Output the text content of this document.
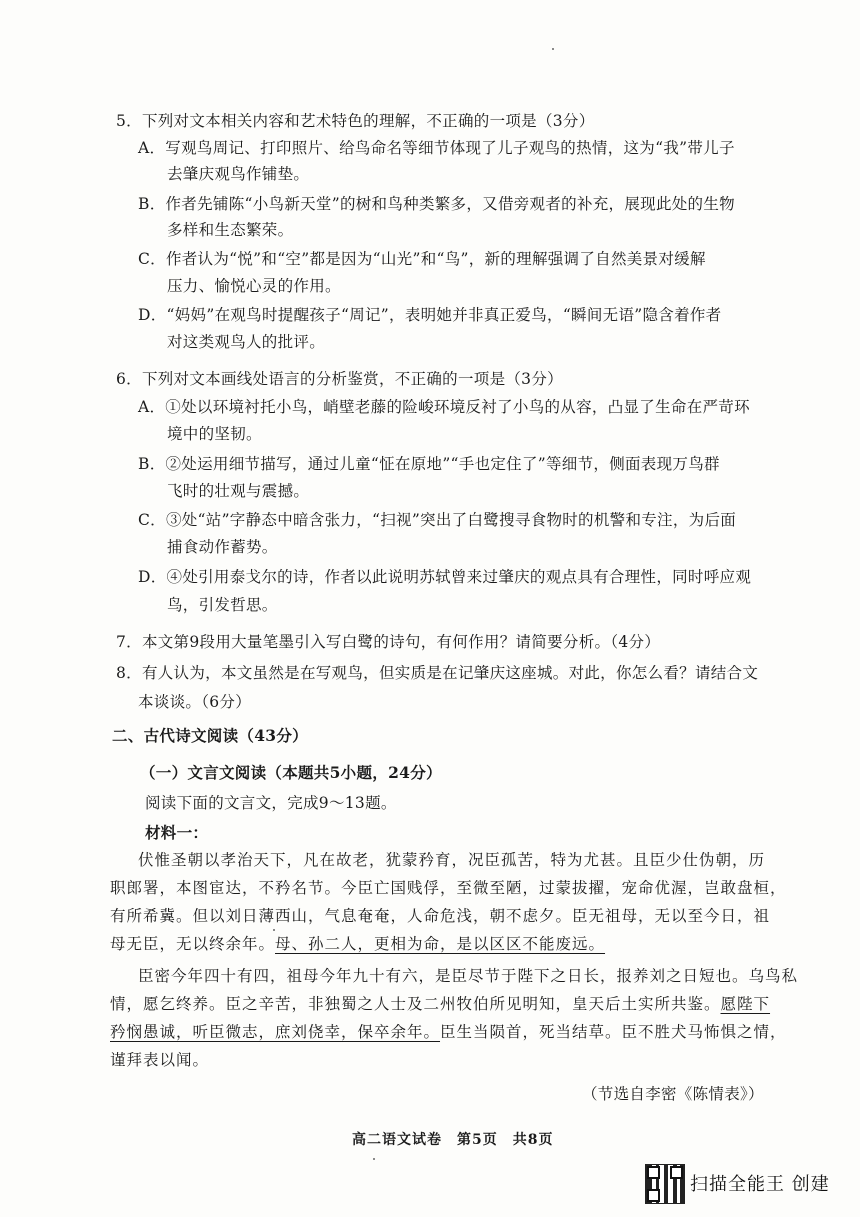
5．下列对文本相关内容和艺术特色的理解，不正确的一项是（3分）
A．写观鸟周记、打印照片、给鸟命名等细节体现了儿子观鸟的热情，这为“我”带儿子
去肇庆观鸟作铺垫。
B．作者先铺陈“小鸟新天堂”的树和鸟种类繁多，又借旁观者的补充，展现此处的生物
多样和生态繁荣。
C．作者认为“悦”和“空”都是因为“山光”和“鸟”，新的理解强调了自然美景对缓解
压力、愉悦心灵的作用。
D．“妈妈”在观鸟时提醒孩子“周记”，表明她并非真正爱鸟，“瞬间无语”隐含着作者
对这类观鸟人的批评。
6．下列对文本画线处语言的分析鉴赏，不正确的一项是（3分）
A．①处以环境衬托小鸟，峭壁老藤的险峻环境反衬了小鸟的从容，凸显了生命在严苛环
境中的坚韧。
B．②处运用细节描写，通过儿童“怔在原地”“手也定住了”等细节，侧面表现万鸟群
飞时的壮观与震撼。
C．③处“站”字静态中暗含张力，“扫视”突出了白鹭搜寻食物时的机警和专注，为后面
捕食动作蓄势。
D．④处引用泰戈尔的诗，作者以此说明苏轼曾来过肇庆的观点具有合理性，同时呼应观
鸟，引发哲思。
7．本文第9段用大量笔墨引入写白鹭的诗句，有何作用？请简要分析。（4分）
8．有人认为，本文虽然是在写观鸟，但实质是在记肇庆这座城。对此，你怎么看？请结合文
本谈谈。（6分）
二、古代诗文阅读（43分）
（一）文言文阅读（本题共5小题，24分）
阅读下面的文言文，完成9～13题。
材料一：
伏惟圣朝以孝治天下，凡在故老，犹蒙矜育，况臣孤苦，特为尤甚。且臣少仕伪朝，历
职郎署，本图宦达，不矜名节。今臣亡国贱俘，至微至陋，过蒙拔擢，宠命优渥，岂敢盘桓，
有所希冀。但以刘日薄西山，气息奄奄，人命危浅，朝不虑夕。臣无祖母，无以至今日，祖
母无臣，无以终余年。母、孙二人，更相为命，是以区区不能废远。
臣密今年四十有四，祖母今年九十有六，是臣尽节于陛下之日长，报养刘之日短也。乌鸟私
情，愿乞终养。臣之辛苦，非独蜀之人士及二州牧伯所见明知，皇天后土实所共鉴。愿陛下
矜悯愚诚，听臣微志，庶刘侥幸，保卒余年。臣生当陨首，死当结草。臣不胜犬马怖惧之情，
谨拜表以闻。
（节选自李密《陈情表》）
高二语文试卷　第5页　共8页
扫描全能王 创建
